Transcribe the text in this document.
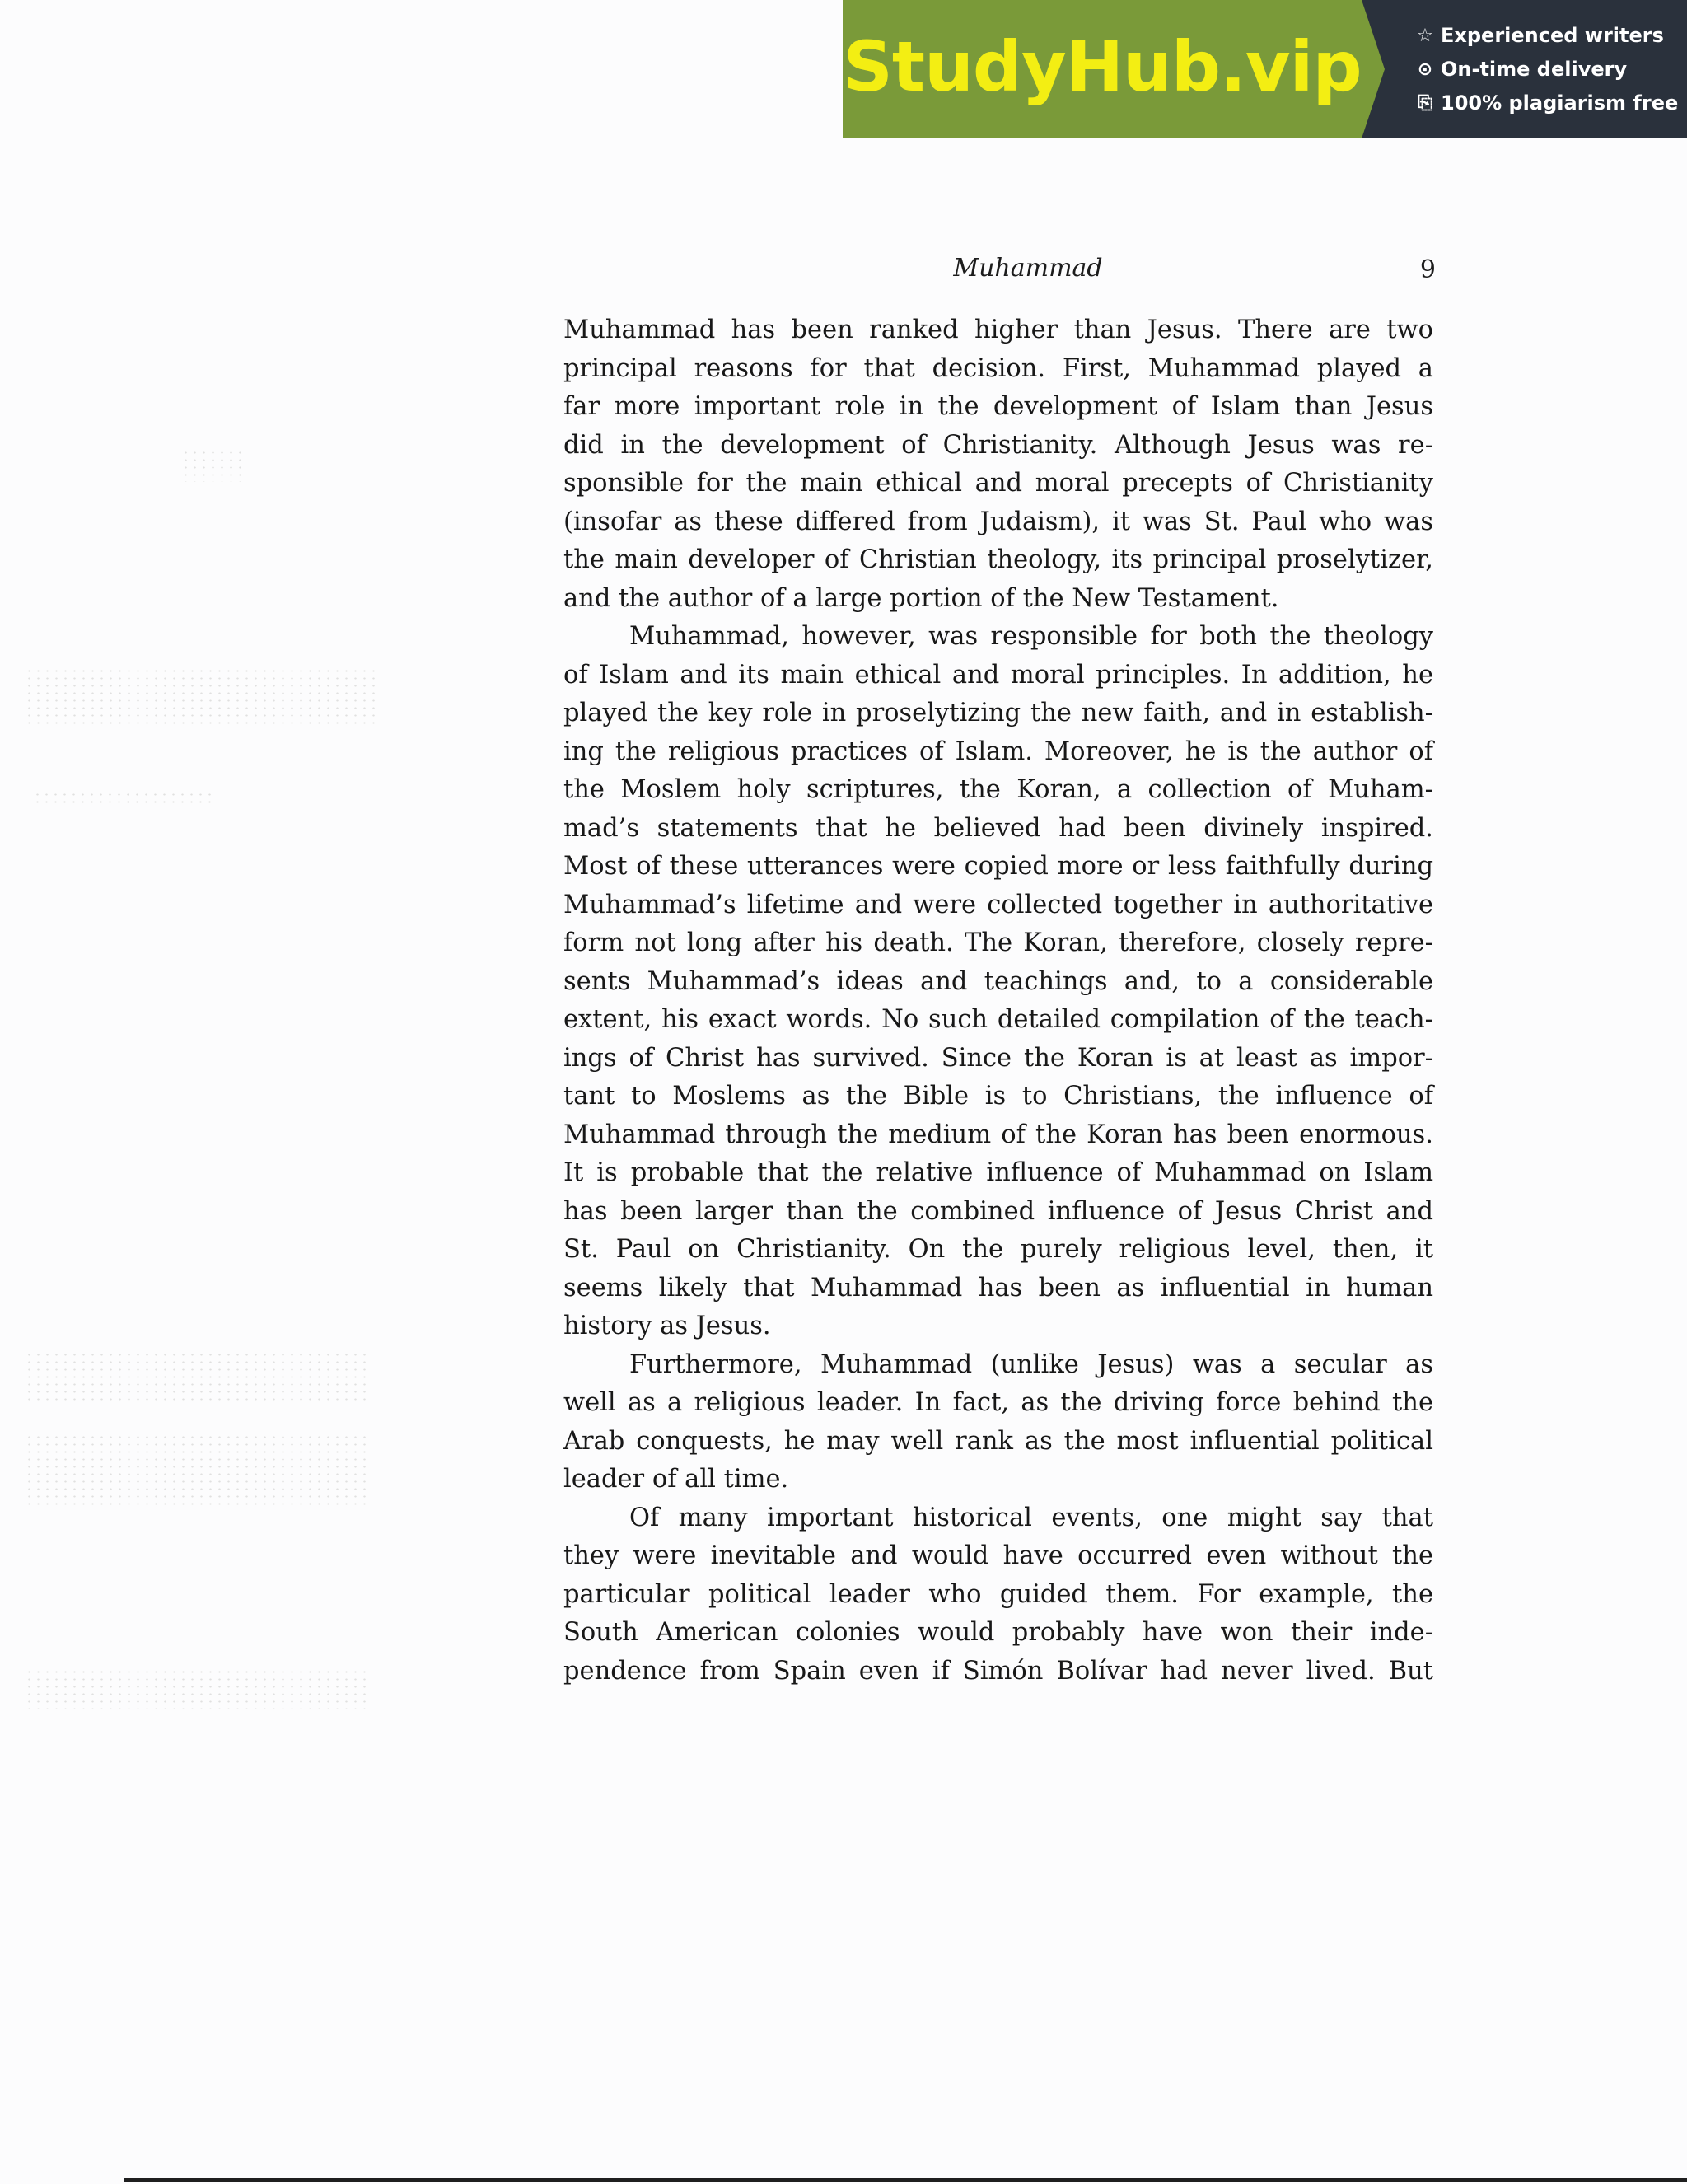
StudyHub.vip	☆ Experienced writers
⊙ On-time delivery
⎘ 100% plagiarism free
Muhammad	9
Muhammad has been ranked higher than Jesus. There are two
principal reasons for that decision. First, Muhammad played a
far more important role in the development of Islam than Jesus
did in the development of Christianity. Although Jesus was re-
sponsible for the main ethical and moral precepts of Christianity
(insofar as these differed from Judaism), it was St. Paul who was
the main developer of Christian theology, its principal proselytizer,
and the author of a large portion of the New Testament.
Muhammad, however, was responsible for both the theology
of Islam and its main ethical and moral principles. In addition, he
played the key role in proselytizing the new faith, and in establish-
ing the religious practices of Islam. Moreover, he is the author of
the Moslem holy scriptures, the Koran, a collection of Muham-
mad’s statements that he believed had been divinely inspired.
Most of these utterances were copied more or less faithfully during
Muhammad’s lifetime and were collected together in authoritative
form not long after his death. The Koran, therefore, closely repre-
sents Muhammad’s ideas and teachings and, to a considerable
extent, his exact words. No such detailed compilation of the teach-
ings of Christ has survived. Since the Koran is at least as impor-
tant to Moslems as the Bible is to Christians, the influence of
Muhammad through the medium of the Koran has been enormous.
It is probable that the relative influence of Muhammad on Islam
has been larger than the combined influence of Jesus Christ and
St. Paul on Christianity. On the purely religious level, then, it
seems likely that Muhammad has been as influential in human
history as Jesus.
Furthermore, Muhammad (unlike Jesus) was a secular as
well as a religious leader. In fact, as the driving force behind the
Arab conquests, he may well rank as the most influential political
leader of all time.
Of many important historical events, one might say that
they were inevitable and would have occurred even without the
particular political leader who guided them. For example, the
South American colonies would probably have won their inde-
pendence from Spain even if Simón Bolívar had never lived. But
